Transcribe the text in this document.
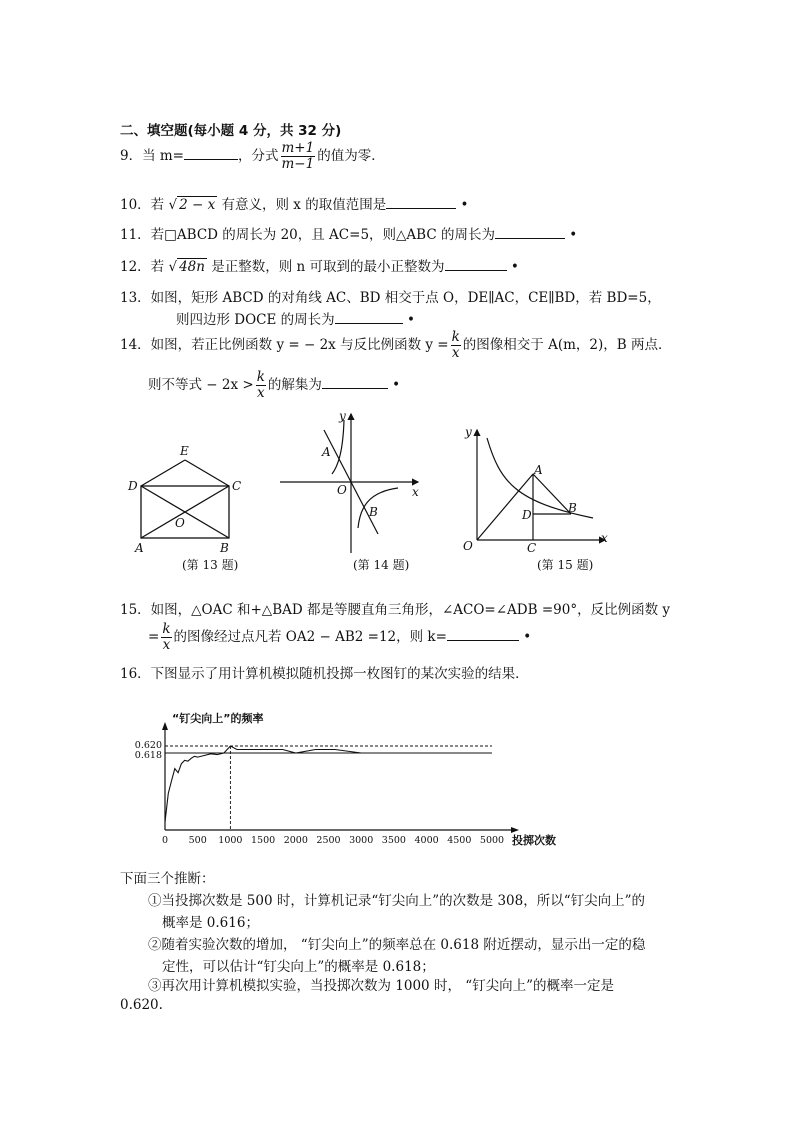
二、填空题(每小题 4 分，共 32 分)
9．当 m=	，分式 $\frac{m+1}{m-1}$ 的值为零．
10．若 √ 2 − x 有意义，则 x 的取值范围是	•
11．若□ABCD 的周长为 20，且 AC=5，则△ABC 的周长为	•
12．若 √ 48n 是正整数，则 n 可取到的最小正整数为	•
13．如图，矩形 ABCD 的对角线 AC、BD 相交于点 O，DE∥AC，CE∥BD，若 BD=5，
则四边形 DOCE 的周长为	•
14．如图，若正比例函数 y = − 2x 与反比例函数 $y = \frac{k}{x}$ 的图像相交于 A(m，2)，B 两点．
则不等式 − $2x > \frac{k}{x}$ 的解集为	•
E
D	C
O
A	B
(第 13 题)
y
x
O
A
B
(第 14 题)
y
x
O
A
B
C
D
(第 15 题)
15．如图，△OAC 和+△BAD 都是等腰直角三角形，∠ACO=∠ADB =90°，反比例函数 y
= $\frac{k}{x}$ 的图像经过点凡若 OA2 − AB2 =12，则 k=	•
16．下图显示了用计算机模拟随机投掷一枚图钉的某次实验的结果．
“钉尖向上”的频率
0.620
0.618
0 500 1000 1500 2000 2500 3000 3500 4000 4500 5000 投掷次数
下面三个推断：
①当投掷次数是 500 时，计算机记录“钉尖向上”的次数是 308，所以“钉尖向上”的
概率是 0.616；
②随着实验次数的增加， “钉尖向上”的频率总在 0.618 附近摆动，显示出一定的稳
定性，可以估计“钉尖向上”的概率是 0.618；
③再次用计算机模拟实验，当投掷次数为 1000 时， “钉尖向上”的概率一定是
0.620.
